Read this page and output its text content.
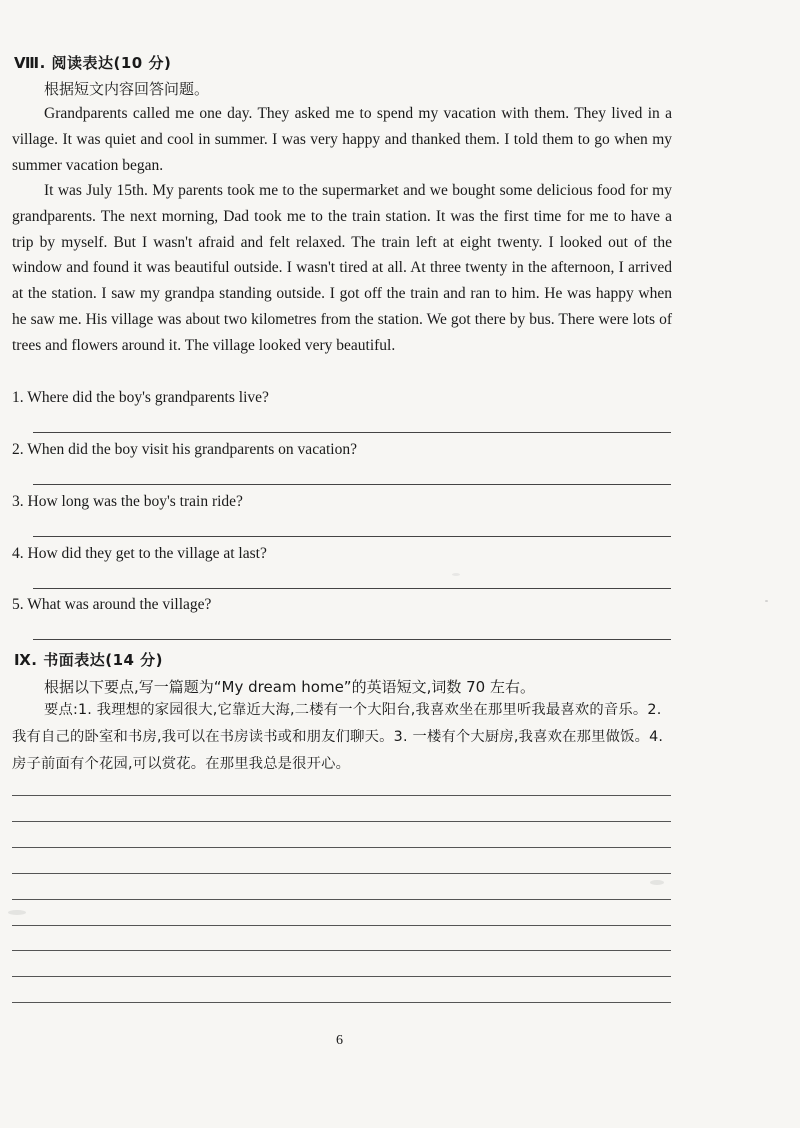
Ⅷ. 阅读表达(10 分)
根据短文内容回答问题。

Grandparents called me one day. They asked me to spend my vacation with them. They lived in a village. It was quiet and cool in summer. I was very happy and thanked them. I told them to go when my summer vacation began.

It was July 15th. My parents took me to the supermarket and we bought some delicious food for my grandparents. The next morning, Dad took me to the train station. It was the first time for me to have a trip by myself. But I wasn't afraid and felt relaxed. The train left at eight twenty. I looked out of the window and found it was beautiful outside. I wasn't tired at all. At three twenty in the afternoon, I arrived at the station. I saw my grandpa standing outside. I got off the train and ran to him. He was happy when he saw me. His village was about two kilometres from the station. We got there by bus. There were lots of trees and flowers around it. The village looked very beautiful.

1. Where did the boy's grandparents live?
2. When did the boy visit his grandparents on vacation?
3. How long was the boy's train ride?
4. How did they get to the village at last?
5. What was around the village?
Ⅸ. 书面表达(14 分)
根据以下要点,写一篇题为“My dream home”的英语短文,词数 70 左右。

要点:1. 我理想的家园很大,它靠近大海,二楼有一个大阳台,我喜欢坐在那里听我最喜欢的音乐。2. 我有自己的卧室和书房,我可以在书房读书或和朋友们聊天。3. 一楼有个大厨房,我喜欢在那里做饭。4. 房子前面有个花园,可以赏花。在那里我总是很开心。

6
